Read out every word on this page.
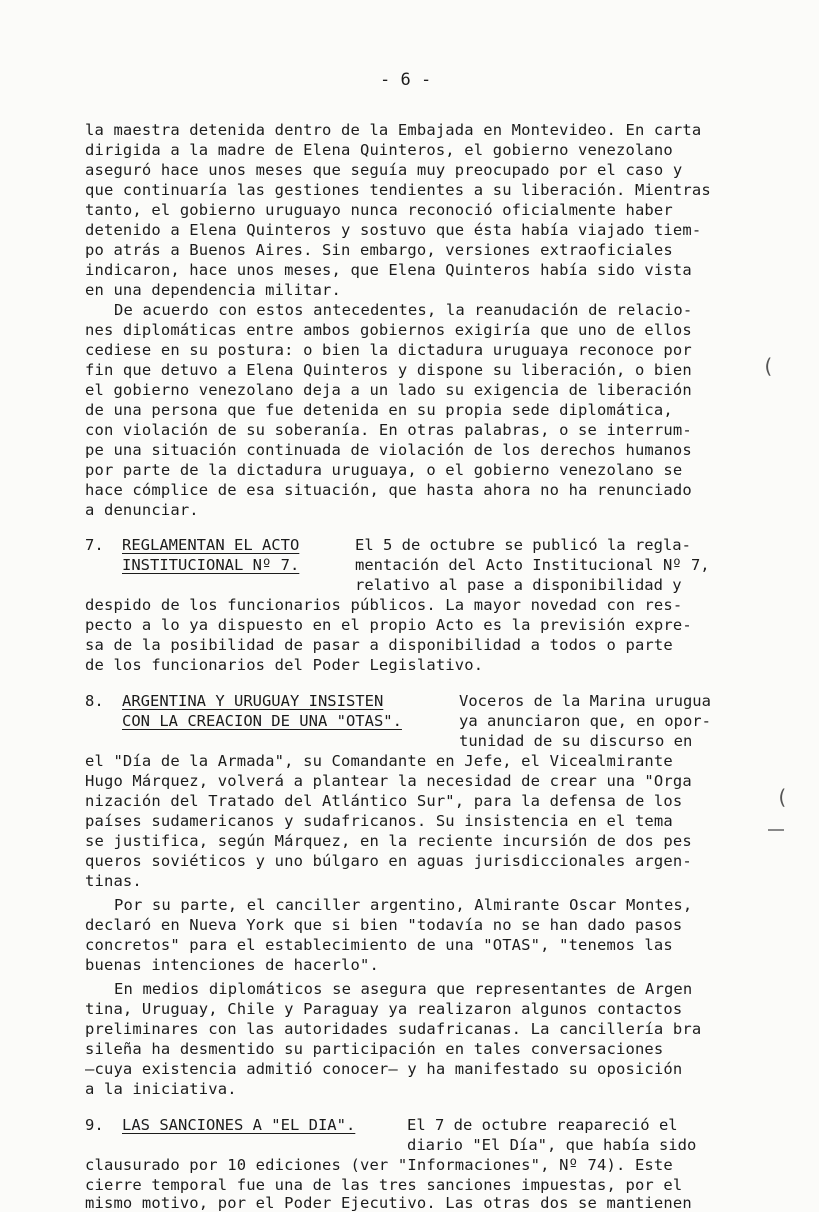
- 6 -
la maestra detenida dentro de la Embajada en Montevideo. En carta
dirigida a la madre de Elena Quinteros, el gobierno venezolano
aseguró hace unos meses que seguía muy preocupado por el caso y
que continuaría las gestiones tendientes a su liberación. Mientras
tanto, el gobierno uruguayo nunca reconoció oficialmente haber
detenido a Elena Quinteros y sostuvo que ésta había viajado tiem-
po atrás a Buenos Aires. Sin embargo, versiones extraoficiales
indicaron, hace unos meses, que Elena Quinteros había sido vista
en una dependencia militar.
De acuerdo con estos antecedentes, la reanudación de relacio-
nes diplomáticas entre ambos gobiernos exigiría que uno de ellos
cediese en su postura: o bien la dictadura uruguaya reconoce por
fin que detuvo a Elena Quinteros y dispone su liberación, o bien
el gobierno venezolano deja a un lado su exigencia de liberación
de una persona que fue detenida en su propia sede diplomática,
con violación de su soberanía. En otras palabras, o se interrum-
pe una situación continuada de violación de los derechos humanos
por parte de la dictadura uruguaya, o el gobierno venezolano se
hace cómplice de esa situación, que hasta ahora no ha renunciado
a denunciar.
7. REGLAMENTAN EL ACTO
INSTITUCIONAL Nº 7.
El 5 de octubre se publicó la regla-
mentación del Acto Institucional Nº 7,
relativo al pase a disponibilidad y
despido de los funcionarios públicos. La mayor novedad con res-
pecto a lo ya dispuesto en el propio Acto es la previsión expre-
sa de la posibilidad de pasar a disponibilidad a todos o parte
de los funcionarios del Poder Legislativo.
8. ARGENTINA Y URUGUAY INSISTEN
CON LA CREACION DE UNA "OTAS".
Voceros de la Marina urugua
ya anunciaron que, en opor-
tunidad de su discurso en
el "Día de la Armada", su Comandante en Jefe, el Vicealmirante
Hugo Márquez, volverá a plantear la necesidad de crear una "Orga
nización del Tratado del Atlántico Sur", para la defensa de los
países sudamericanos y sudafricanos. Su insistencia en el tema
se justifica, según Márquez, en la reciente incursión de dos pes
queros soviéticos y uno búlgaro en aguas jurisdiccionales argen-
tinas.
Por su parte, el canciller argentino, Almirante Oscar Montes,
declaró en Nueva York que si bien "todavía no se han dado pasos
concretos" para el establecimiento de una "OTAS", "tenemos las
buenas intenciones de hacerlo".
En medios diplomáticos se asegura que representantes de Argen
tina, Uruguay, Chile y Paraguay ya realizaron algunos contactos
preliminares con las autoridades sudafricanas. La cancillería bra
sileña ha desmentido su participación en tales conversaciones
—cuya existencia admitió conocer— y ha manifestado su oposición
a la iniciativa.
9. LAS SANCIONES A "EL DIA".	El 7 de octubre reapareció el
diario "El Día", que había sido
clausurado por 10 ediciones (ver "Informaciones", Nº 74). Este
cierre temporal fue una de las tres sanciones impuestas, por el
mismo motivo, por el Poder Ejecutivo. Las otras dos se mantienen
(
(
